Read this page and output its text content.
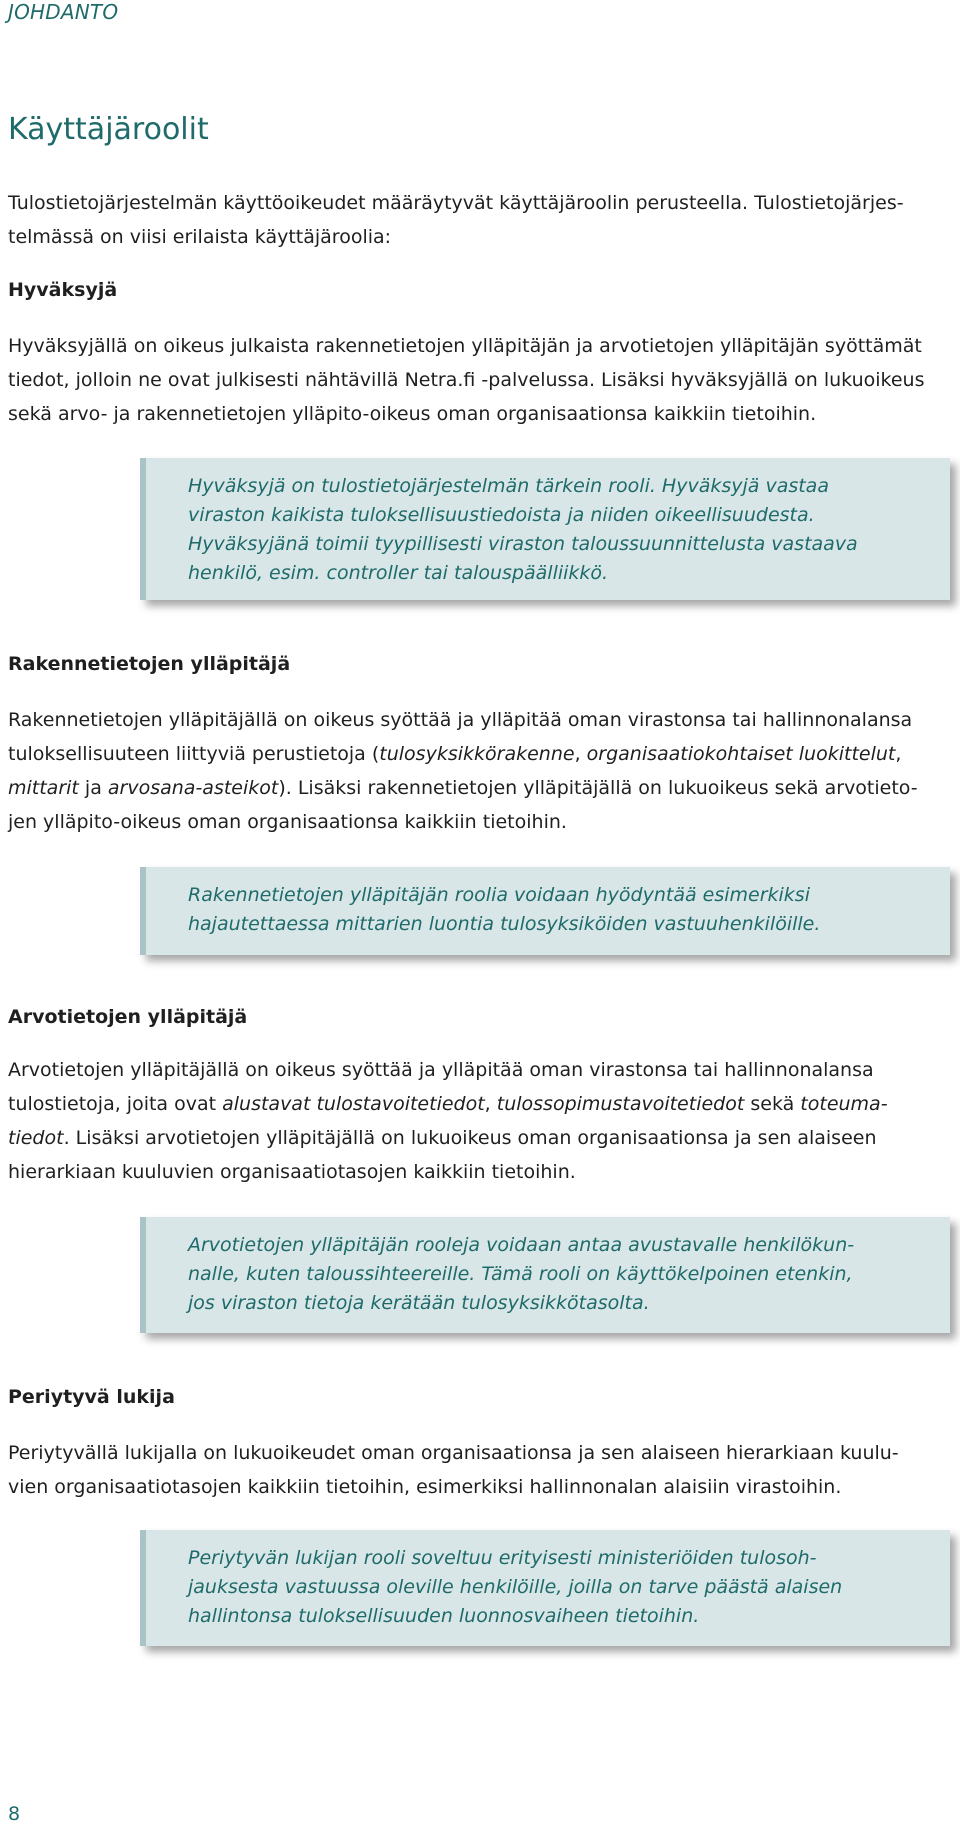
JOHDANTO
Käyttäjäroolit

Tulostietojärjestelmän käyttöoikeudet määräytyvät käyttäjäroolin perusteella. Tulostietojärjes-
telmässä on viisi erilaista käyttäjäroolia:

Hyväksyjä

Hyväksyjällä on oikeus julkaista rakennetietojen ylläpitäjän ja arvotietojen ylläpitäjän syöttämät
tiedot, jolloin ne ovat julkisesti nähtävillä Netra.fi -palvelussa. Lisäksi hyväksyjällä on lukuoikeus
sekä arvo- ja rakennetietojen ylläpito-oikeus oman organisaationsa kaikkiin tietoihin.

Hyväksyjä on tulostietojärjestelmän tärkein rooli. Hyväksyjä vastaa
viraston kaikista tuloksellisuustiedoista ja niiden oikeellisuudesta.
Hyväksyjänä toimii tyypillisesti viraston taloussuunnittelusta vastaava
henkilö, esim. controller tai talouspäälliikkö.

Rakennetietojen ylläpitäjä

Rakennetietojen ylläpitäjällä on oikeus syöttää ja ylläpitää oman virastonsa tai hallinnonalansa
tuloksellisuuteen liittyviä perustietoja (tulosyksikkörakenne, organisaatiokohtaiset luokittelut,
mittarit ja arvosana-asteikot). Lisäksi rakennetietojen ylläpitäjällä on lukuoikeus sekä arvotieto-
jen ylläpito-oikeus oman organisaationsa kaikkiin tietoihin.

Rakennetietojen ylläpitäjän roolia voidaan hyödyntää esimerkiksi
hajautettaessa mittarien luontia tulosyksiköiden vastuuhenkilöille.

Arvotietojen ylläpitäjä

Arvotietojen ylläpitäjällä on oikeus syöttää ja ylläpitää oman virastonsa tai hallinnonalansa
tulostietoja, joita ovat alustavat tulostavoitetiedot, tulossopimustavoitetiedot sekä toteuma-
tiedot. Lisäksi arvotietojen ylläpitäjällä on lukuoikeus oman organisaationsa ja sen alaiseen
hierarkiaan kuuluvien organisaatiotasojen kaikkiin tietoihin.

Arvotietojen ylläpitäjän rooleja voidaan antaa avustavalle henkilökun-
nalle, kuten taloussihteereille. Tämä rooli on käyttökelpoinen etenkin,
jos viraston tietoja kerätään tulosyksikkötasolta.

Periytyvä lukija

Periytyvällä lukijalla on lukuoikeudet oman organisaationsa ja sen alaiseen hierarkiaan kuulu-
vien organisaatiotasojen kaikkiin tietoihin, esimerkiksi hallinnonalan alaisiin virastoihin.

Periytyvän lukijan rooli soveltuu erityisesti ministeriöiden tulosoh-
jauksesta vastuussa oleville henkilöille, joilla on tarve päästä alaisen
hallintonsa tuloksellisuuden luonnosvaiheen tietoihin.

8
